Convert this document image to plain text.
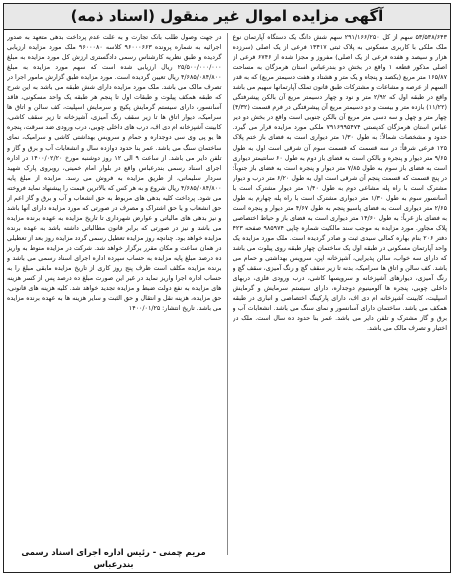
آگهی مزایده اموال غیر منقول (اسناد ذمه)
۵۳/۵۳۸/۶۴۳ سهم از کل ۲۹۱/۱۶۶/۲۵۰ سهم شش دانگ یک دستگاه آپارتمان نوع ملک ملکی با کاربری مسکونی به پلاک ثبتی ۱۳۴۱۷ فرعی از یک اصلی (سرزده هزار و سیصد و هفده فرعی از یک اصلی) مفروز و مجزا شده از ۶۷۴۶ فرعی از اصلی مذکور قطعه ۱ واقع در بخش دو بندرعباس استان هرمزگان به مساحت ۱۶۵/۸۷ متر مربع (یکصد و پنجاه و یک متر و هشتاد و هفت دسیمتر مربع) که به قدر السهم از عرصه و مشاعات و مشترکات طبق قانون تملک آپارتمانها سهیم می باشد واقع در طبقه اول که ۲/۹۲ متر و نود و چهار دسیمتر مربع آن بالکن پیشرفتگی (۱۱/۲۲) بازده متر و بیست و دو دسیمتر مربع آن پیشرفتگی در فرم قسمت (۴/۳۲) چهار متر و چهل و سه دسی متر مربع آن بالکن جنوبی است واقع در بخش دو دیر عباس استان هرمزگان کدپستی ۷۹۱۶۹۹۵۴۷۴ ملکی مورد مزایده قرار می گیرد. حدود و مشخصات شمالاً: به طول ۱/۳۰ متر دیواری است به فضای باز ختم پلاک ۱۲۵ فرعی شرقاً: در سه قسمت که قسمت سوم آن شرقی است اول به طول ۹/۶۵ متر دیوار و پنجره و بالکن است به فضای باز دوم به طول ۶۰ سانتیمتر دیواری است به فضای باز سوم به طول ۷/۸۵ متر دیوار و پنجره است به فضای باز جنوباً: در پنج قسمت که قسمت پنجم آن شرقی است اول به طول ۶/۲۰ متر درب و دیوار مشترک است با راه پله مشاعی دوم به طول ۱/۴۰ متر دیوار مشترک است با آسانسور سوم به طول ۱/۳۰ متر دیواری مشترک است با راه پله چهارم به طول ۲/۶۵ متر دیواری است به فضای پاسیو پنجم به طول ۴/۶۷ متر دیوار و پنجره است به فضای باز غرباً: به طول ۱۴/۶۰ متر دیواری است به فضای باز و حیاط اختصاصی پلاک مجاور. مورد مزایده به موجب سند مالکیت شماره چاپی ۹۸۵۹۷۴ صفحه ۴۲۳ دفتر ۲۰۶ بنام بهاره کمالی سیدی ثبت و صادر گردیده است. ملک مورد مزایده یک واحد آپارتمان مسکونی در طبقه اول یک ساختمان چهار طبقه روی پیلوت می باشد که دارای سه خواب، سالن پذیرایی، آشپزخانه اپن، سرویس بهداشتی و حمام می باشد. کف سالن و اتاق ها سرامیک، بدنه تا زیر سقف گچ و رنگ آمیزی، سقف گچ و رنگ آمیزی، دیوارهای آشپزخانه و سرویسها کاشی، درب ورودی فلزی، دربهای داخلی چوبی، پنجره ها آلومینیوم دوجداره، دارای سیستم سرمایش و گرمایش اسپلیت، کابینت آشپزخانه ام دی اف، دارای پارکینگ اختصاصی و انباری در طبقه همکف می باشد. ساختمان دارای آسانسور و نمای سنگ می باشد. انشعابات آب و برق و گاز مشترک و تلفن دایر می باشد. عمر بنا حدود ده سال است. ملک در اختیار و تصرف مالک می باشد.
در جهت وصول طلب بانک تجارت و به علت عدم پرداخت بدهی متعهد به صدور اجرائیه به شماره پرونده ۹۶۰۰۰۶۶۳ کلاسه ۹۶۰۰۰۸۰ ملک مورد مزایده ارزیابی گردیده و طبق نظریه کارشناس رسمی دادگستری ارزش کل مورد مزایده به مبلغ ۲۵/۵۰۰/۰۰۰/۰۰۰ ریال ارزیابی شده است که سهم مورد مزایده به مبلغ ۴/۶۸۵/۰۸۴/۸۰۰ ریال تعیین گردیده است. مورد مزایده طبق گزارش مامور اجرا در تصرف مالک می باشد. ملک مورد مزایده دارای شش طبقه می باشد به این شرح که طبقه همکف پیلوت و طبقات اول تا پنجم هر طبقه یک واحد مسکونی، فاقد آسانسور، دارای سیستم گرمایش پکیج و سرمایش اسپلیت، کف سالن و اتاق ها سرامیک، دیوار اتاق ها تا زیر سقف رنگ آمیزی، آشپزخانه تا زیر سقف کاشی، کابینت آشپزخانه ام دی اف، درب های داخلی چوبی، درب ورودی ضد سرقت، پنجره ها یو پی وی سی دوجداره و حمام و سرویس بهداشتی کاشی و سرامیک، نمای ساختمان سنگ می باشد. عمر بنا حدود دوازده سال و انشعابات آب و برق و گاز و تلفن دایر می باشد. از ساعت ۹ الی ۱۲ روز دوشنبه مورخ ۱۴۰۰/۰۲/۲۰ در اداره اجرای اسناد رسمی بندرعباس واقع در بلوار امام خمینی، روبروی پارک شهید سردار سلیمانی، از طریق مزایده به فروش می رسد. مزایده از مبلغ پایه ۴/۶۸۵/۰۸۴/۸۰۰ ریال شروع و به هر کس که بالاترین قیمت را پیشنهاد نماید فروخته می شود. پرداخت کلیه بدهی های مربوط به حق انشعاب و آب و برق و گاز اعم از حق انشعاب و یا حق اشتراک و مصرف در صورتی که مورد مزایده دارای آنها باشد و نیز بدهی های مالیاتی و عوارض شهرداری تا تاریخ مزایده به عهده برنده مزایده می باشد و نیز در صورتی که برابر قانون مطالباتی داشته باشد به عهده برنده مزایده خواهد بود. چنانچه روز مزایده تعطیل رسمی گردد مزایده روز بعد از تعطیلی در همان ساعت و مکان مقرر برگزار خواهد شد. شرکت در مزایده منوط به واریز ده درصد مبلغ پایه مزایده به حساب سپرده اداره اجرای اسناد رسمی می باشد و برنده مزایده مکلف است ظرف پنج روز کاری از تاریخ مزایده مابقی مبلغ را به حساب اداره اجرا واریز نماید در غیر این صورت مبلغ ده درصد پس از کسر هزینه های مزایده به نفع دولت ضبط و مزایده تجدید خواهد شد. کلیه هزینه های قانونی، حق مزایده، هزینه نقل و انتقال و حق الثبت و سایر هزینه ها به عهده برنده مزایده می باشد. تاریخ انتشار: ۱۴۰۰/۰۱/۲۵
مریم چمنی - رئیس اداره اجرای اسناد رسمی بندرعباس
